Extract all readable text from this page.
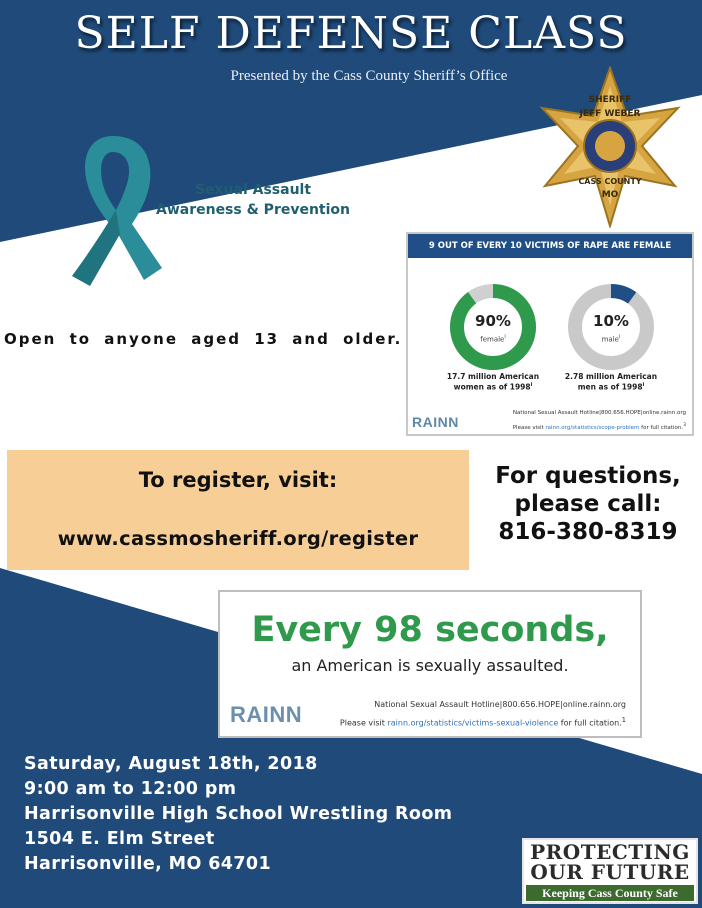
SELF DEFENSE CLASS
Presented by the Cass County Sheriff’s Office
Sexual Assault
Awareness & Prevention
SHERIFF
JEFF WEBER
CASS COUNTY
MO
Open to anyone aged 13 and older.
9 OUT OF EVERY 10 VICTIMS OF RAPE ARE FEMALE
90%
female$^i$
17.7 million American
women as of 1998$^i$
10%
male$^i$
2.78 million American
men as of 1998$^i$
RAINN
National Sexual Assault Hotline|800.656.HOPE|online.rainn.org
Please visit rainn.org/statistics/scope-problem for full citation.$^3$
To register, visit:
www.cassmosheriff.org/register
For questions,
please call:
816-380-8319
Every 98 seconds,
an American is sexually assaulted.
RAINN	National Sexual Assault Hotline|800.656.HOPE|online.rainn.org
Please visit rainn.org/statistics/victims-sexual-violence for full citation.$^1$
Saturday, August 18th, 2018
9:00 am to 12:00 pm
Harrisonville High School Wrestling Room
1504 E. Elm Street
Harrisonville, MO 64701	PROTECTING
OUR FUTURE
Keeping Cass County Safe
